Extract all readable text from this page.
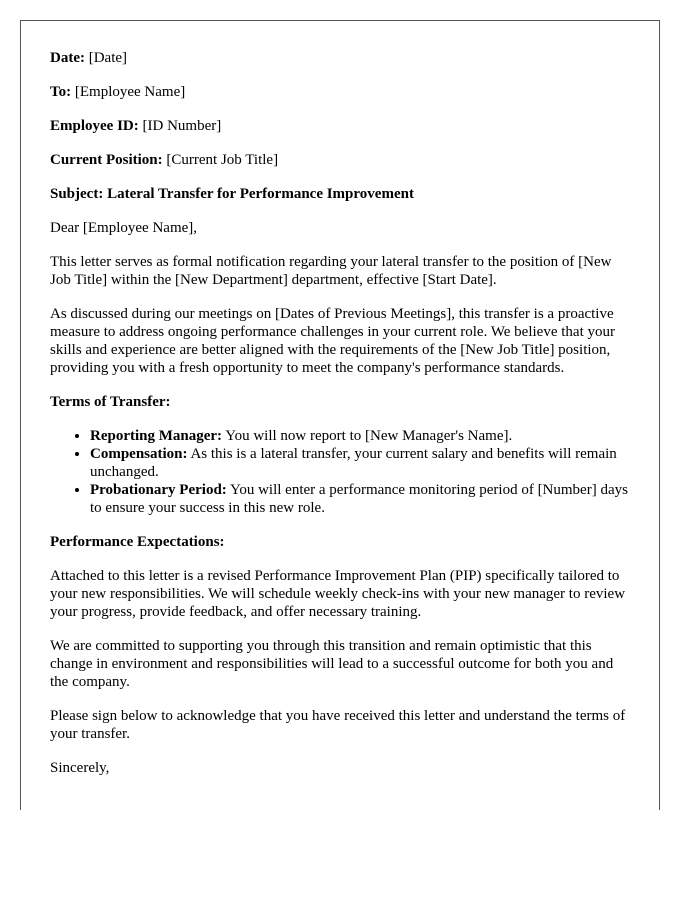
Date: [Date]

To: [Employee Name]

Employee ID: [ID Number]

Current Position: [Current Job Title]

Subject: Lateral Transfer for Performance Improvement

Dear [Employee Name],

This letter serves as formal notification regarding your lateral transfer to the position of [New Job Title] within the [New Department] department, effective [Start Date].

As discussed during our meetings on [Dates of Previous Meetings], this transfer is a proactive measure to address ongoing performance challenges in your current role. We believe that your skills and experience are better aligned with the requirements of the [New Job Title] position, providing you with a fresh opportunity to meet the company's performance standards.

Terms of Transfer:

• Reporting Manager: You will now report to [New Manager's Name].
• Compensation: As this is a lateral transfer, your current salary and benefits will remain unchanged.
• Probationary Period: You will enter a performance monitoring period of [Number] days to ensure your success in this new role.

Performance Expectations:

Attached to this letter is a revised Performance Improvement Plan (PIP) specifically tailored to your new responsibilities. We will schedule weekly check-ins with your new manager to review your progress, provide feedback, and offer necessary training.

We are committed to supporting you through this transition and remain optimistic that this change in environment and responsibilities will lead to a successful outcome for both you and the company.

Please sign below to acknowledge that you have received this letter and understand the terms of your transfer.

Sincerely,
